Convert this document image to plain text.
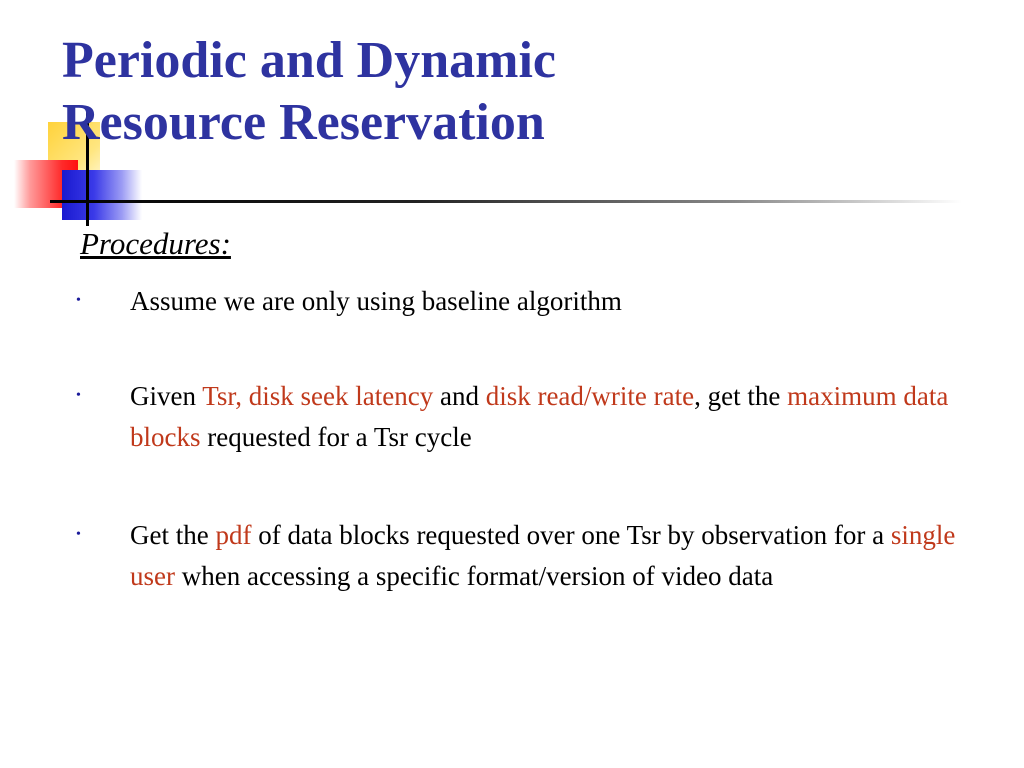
Periodic and Dynamic
Resource Reservation
Procedures:
• Assume we are only using baseline algorithm
• Given Tsr, disk seek latency and disk read/write rate, get the maximum data blocks requested for a Tsr cycle
• Get the pdf of data blocks requested over one Tsr by observation for a single user when accessing a specific format/version of video data
